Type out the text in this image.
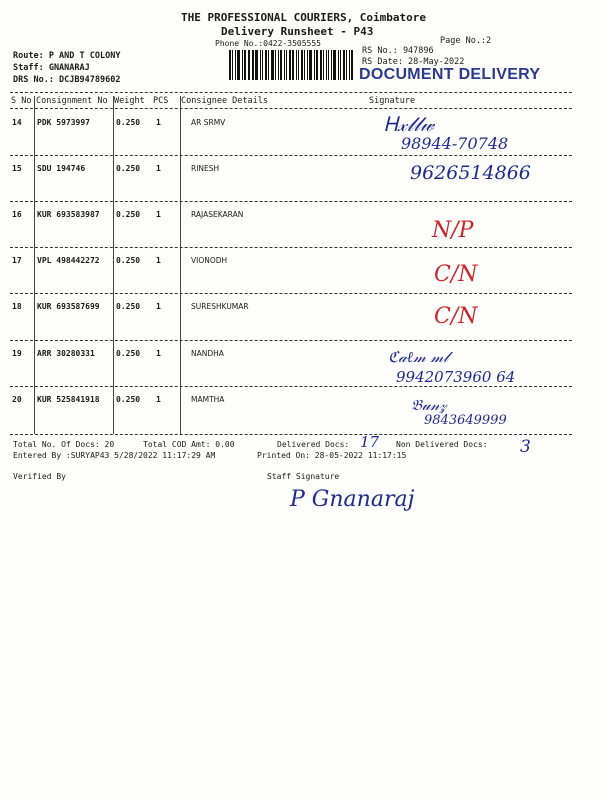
THE PROFESSIONAL COURIERS, Coimbatore
Delivery Runsheet - P43
Phone No.:0422-3505555	Page No.:2
Route: P AND T COLONY
Staff: GNANARAJ
DRS No.: DCJB94789602
RS No.: 947896
RS Date: 28-May-2022
DOCUMENT DELIVERY
S No Consignment No Weight PCS Consignee Details	Signature
14 PDK 5973997	0.250 1	AR SRMV	Ꮋ𝓍𝓁𝓁𝓌
98944-70748
15 SDU 194746	0.250 1	RINESH	9626514866
16 KUR 693583987 0.250 1	RAJASEKARAN
N/P
17 VPL 498442272 0.250 1	VIONODH
C/N
18 KUR 693587699 0.250 1	SURESHKUMAR	C/N
19 ARR 30280331	0.250 1	NANDHA	ℭ𝒶ℓ𝓂 𝓂𝓁
9942073960 64
20 KUR 525841918 0.250 1	MAMTHA	𝔅𝓊𝓃𝓏
9843649999
Total No. Of Docs: 20	Total COD Amt: 0.00	Delivered Docs: 17 Non Delivered Docs: 3
Entered By :SURYAP43 5/28/2022 11:17:29 AM	Printed On: 28-05-2022 11:17:15
Verified By	Staff Signature
P Gnanaraj
